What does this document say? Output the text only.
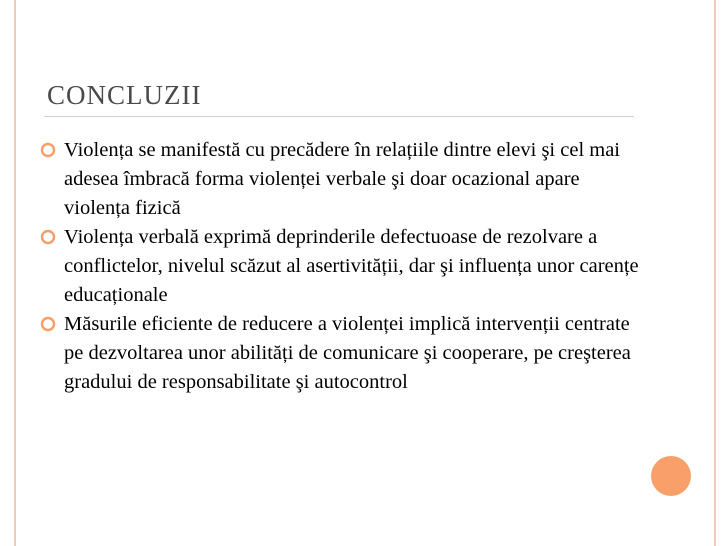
CONCLUZII
Violența se manifestă cu precădere în relațiile dintre elevi şi cel mai adesea îmbracă forma violenței verbale şi doar ocazional apare violența fizică
Violența verbală exprimă deprinderile defectuoase de rezolvare a conflictelor, nivelul scăzut al asertivității, dar şi influența unor carențe educaționale
Măsurile eficiente de reducere a violenței implică intervenții centrate pe dezvoltarea unor abilități de comunicare şi cooperare, pe creşterea gradului de responsabilitate şi autocontrol
